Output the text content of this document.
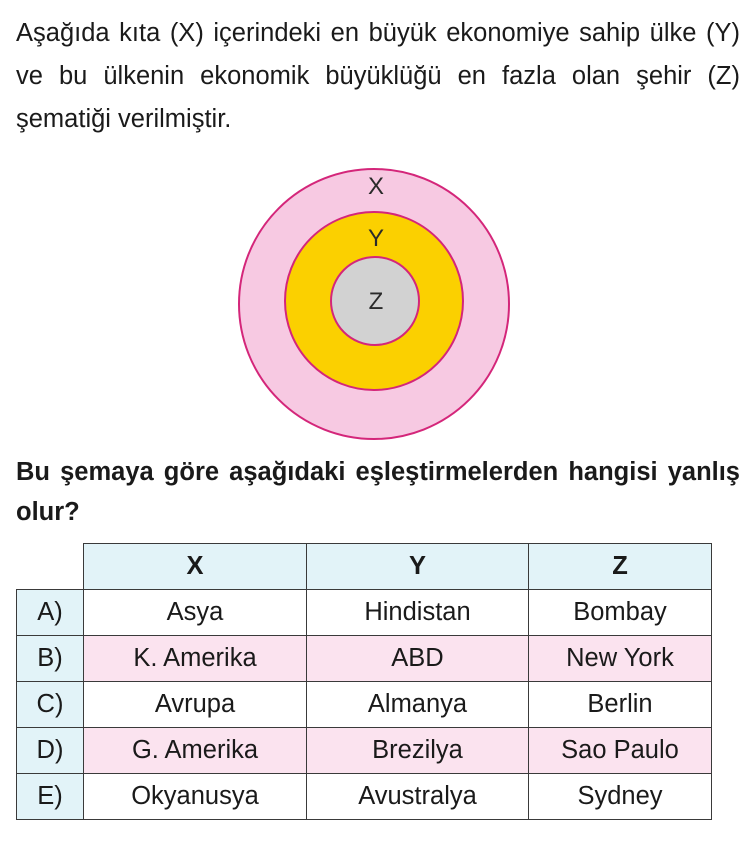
Aşağıda kıta (X) içerindeki en büyük ekonomiye sahip ülke (Y) ve bu ülkenin ekonomik büyüklüğü en fazla olan şehir (Z) şematiği verilmiştir.
X
Y
Z
Bu şemaya göre aşağıdaki eşleştirmelerden hangisi yanlış olur?
	X	Y	Z
A)	Asya	Hindistan	Bombay
B)	K. Amerika	ABD	New York
C)	Avrupa	Almanya	Berlin
D)	G. Amerika	Brezilya	Sao Paulo
E)	Okyanusya	Avustralya	Sydney
